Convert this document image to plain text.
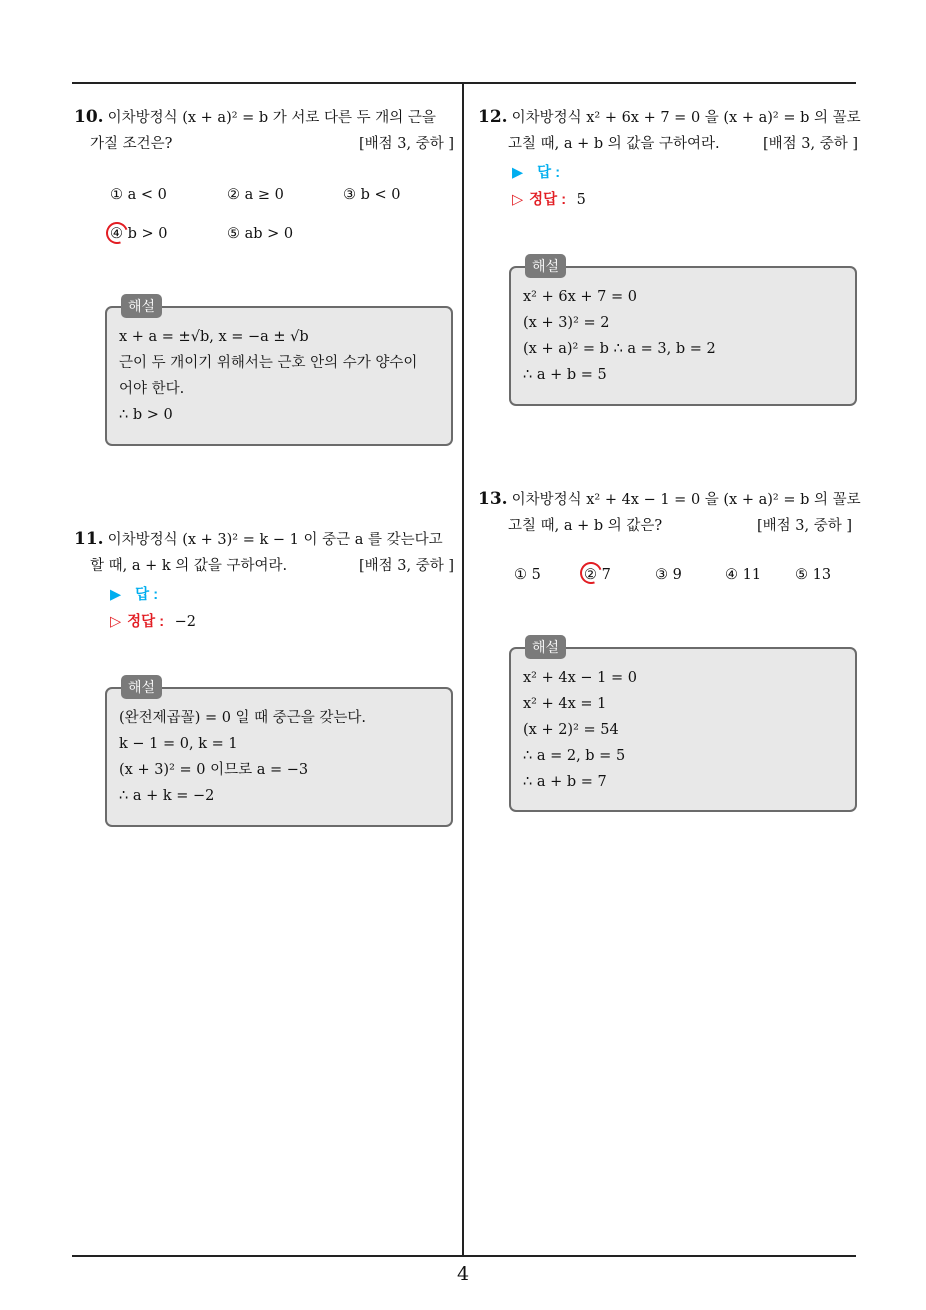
10. 이차방정식 (x + a)² = b 가 서로 다른 두 개의 근을
가질 조건은?	[배점 3, 중하 ]
① a < 0	② a ≥ 0	③ b < 0
④ b > 0	⑤ ab > 0
해설
x + a = ±√b, x = −a ± √b
근이 두 개이기 위해서는 근호 안의 수가 양수이
어야 한다.
∴ b > 0
11. 이차방정식 (x + 3)² = k − 1 이 중근 a 를 갖는다고
할 때, a + k 의 값을 구하여라.	[배점 3, 중하 ]
▶ 답 :
▷ 정답 : −2
해설
(완전제곱꼴) = 0 일 때 중근을 갖는다.
k − 1 = 0, k = 1
(x + 3)² = 0 이므로 a = −3
∴ a + k = −2
12. 이차방정식 x² + 6x + 7 = 0 을 (x + a)² = b 의 꼴로
고칠 때, a + b 의 값을 구하여라.	[배점 3, 중하 ]
▶ 답 :
▷ 정답 : 5
해설
x² + 6x + 7 = 0
(x + 3)² = 2
(x + a)² = b ∴ a = 3, b = 2
∴ a + b = 5
13. 이차방정식 x² + 4x − 1 = 0 을 (x + a)² = b 의 꼴로
고칠 때, a + b 의 값은?	[배점 3, 중하 ]
① 5	② 7	③ 9	④ 11 ⑤ 13
해설
x² + 4x − 1 = 0
x² + 4x = 1
(x + 2)² = 54
∴ a = 2, b = 5
∴ a + b = 7
4
